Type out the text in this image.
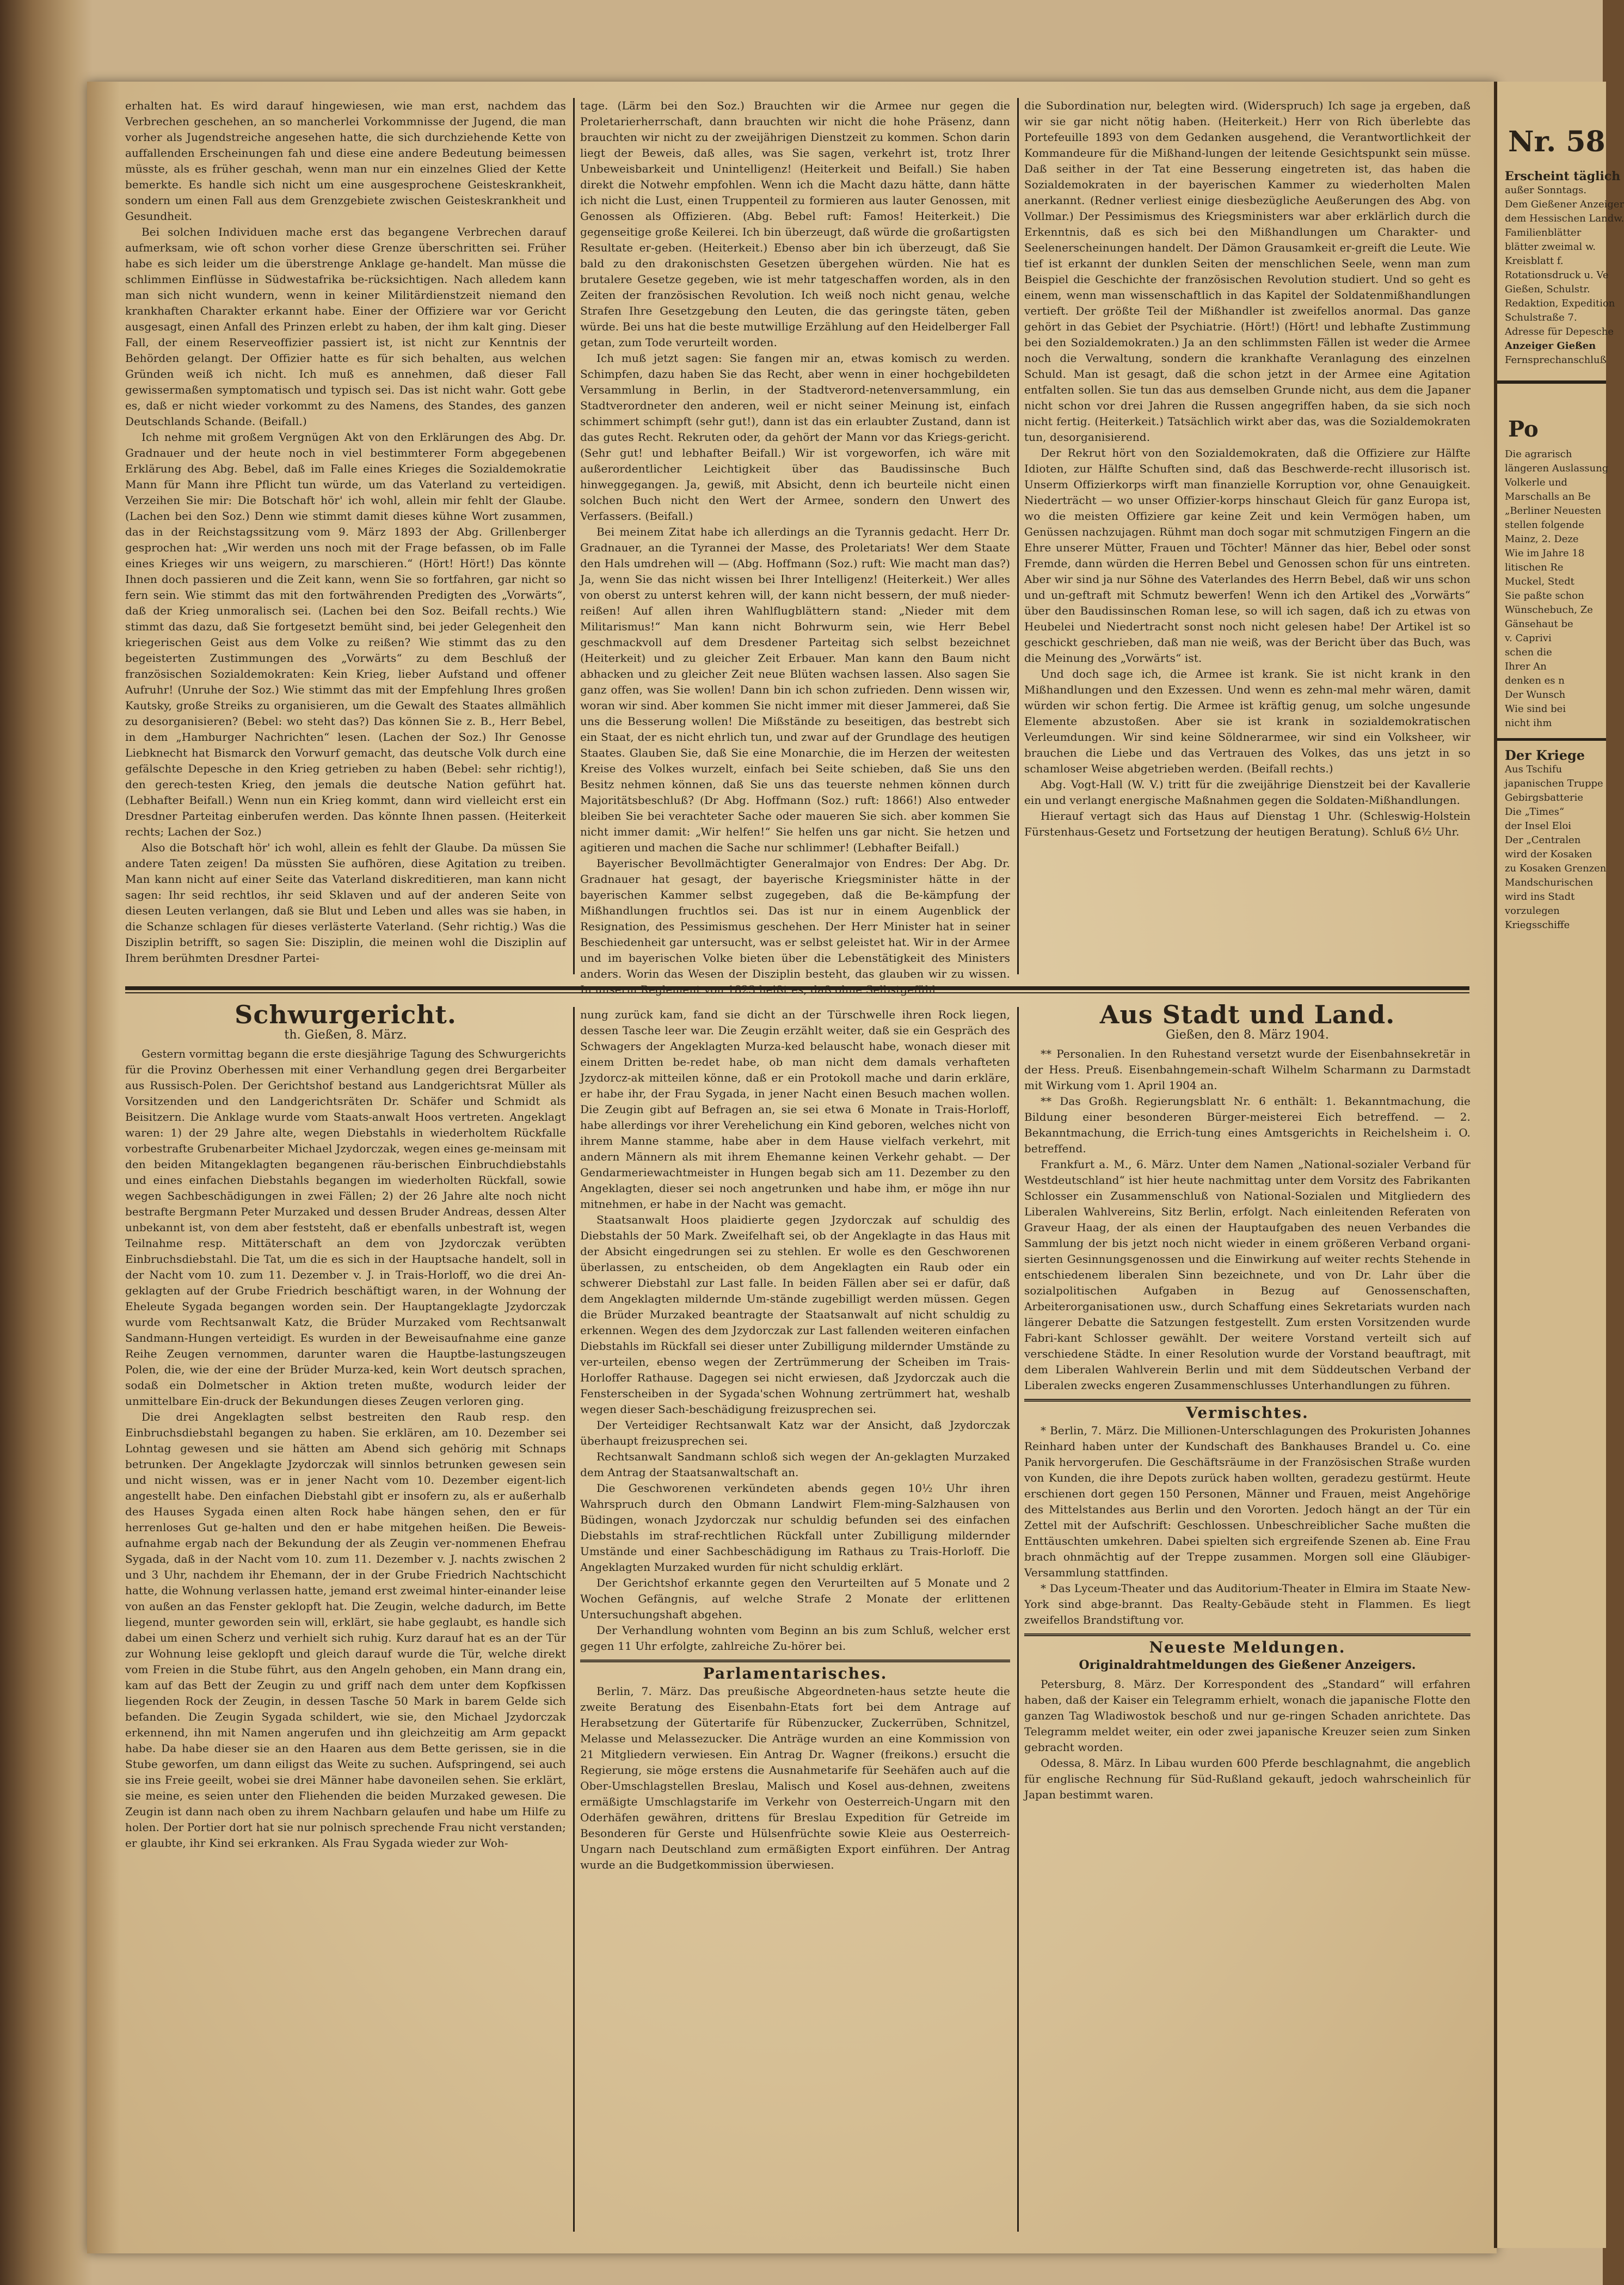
erhalten hat. Es wird darauf hingewiesen, wie man erst, nachdem das Verbrechen geschehen, an so mancherlei Vorkommnisse der Jugend, die man vorher als Jugendstreiche angesehen hatte, die sich durchziehende Kette von auffallenden Erscheinungen fah und diese eine andere Bedeutung beimessen müsste, als es früher geschah, wenn man nur ein einzelnes Glied der Kette bemerkte. Es handle sich nicht um eine ausgesprochene Geisteskrankheit, sondern um einen Fall aus dem Grenzgebiete zwischen Geisteskrankheit und Gesundheit.

Bei solchen Individuen mache erst das begangene Verbrechen darauf aufmerksam, wie oft schon vorher diese Grenze überschritten sei. Früher habe es sich leider um die überstrenge Anklage ge-handelt. Man müsse die schlimmen Einflüsse in Südwestafrika be-rücksichtigen. Nach alledem kann man sich nicht wundern, wenn in keiner Militärdienstzeit niemand den krankhaften Charakter erkannt habe. Einer der Offiziere war vor Gericht ausgesagt, einen Anfall des Prinzen erlebt zu haben, der ihm kalt ging. Dieser Fall, der einem Reserveoffizier passiert ist, ist nicht zur Kenntnis der Behörden gelangt. Der Offizier hatte es für sich behalten, aus welchen Gründen weiß ich nicht. Ich muß es annehmen, daß dieser Fall gewissermaßen symptomatisch und typisch sei. Das ist nicht wahr. Gott gebe es, daß er nicht wieder vorkommt zu des Namens, des Standes, des ganzen Deutschlands Schande. (Beifall.)

Ich nehme mit großem Vergnügen Akt von den Erklärungen des Abg. Dr. Gradnauer und der heute noch in viel bestimmterer Form abgegebenen Erklärung des Abg. Bebel, daß im Falle eines Krieges die Sozialdemokratie Mann für Mann ihre Pflicht tun würde, um das Vaterland zu verteidigen. Verzeihen Sie mir: Die Botschaft hör' ich wohl, allein mir fehlt der Glaube. (Lachen bei den Soz.) Denn wie stimmt damit dieses kühne Wort zusammen, das in der Reichstagssitzung vom 9. März 1893 der Abg. Grillenberger gesprochen hat: „Wir werden uns noch mit der Frage befassen, ob im Falle eines Krieges wir uns weigern, zu marschieren.“ (Hört! Hört!) Das könnte Ihnen doch passieren und die Zeit kann, wenn Sie so fortfahren, gar nicht so fern sein. Wie stimmt das mit den fortwährenden Predigten des „Vorwärts“, daß der Krieg unmoralisch sei. (Lachen bei den Soz. Beifall rechts.) Wie stimmt das dazu, daß Sie fortgesetzt bemüht sind, bei jeder Gelegenheit den kriegerischen Geist aus dem Volke zu reißen? Wie stimmt das zu den begeisterten Zustimmungen des „Vorwärts“ zu dem Beschluß der französischen Sozialdemokraten: Kein Krieg, lieber Aufstand und offener Aufruhr! (Unruhe der Soz.) Wie stimmt das mit der Empfehlung Ihres großen Kautsky, große Streiks zu organisieren, um die Gewalt des Staates allmählich zu desorganisieren? (Bebel: wo steht das?) Das können Sie z. B., Herr Bebel, in dem „Hamburger Nachrichten“ lesen. (Lachen der Soz.) Ihr Genosse Liebknecht hat Bismarck den Vorwurf gemacht, das deutsche Volk durch eine gefälschte Depesche in den Krieg getrieben zu haben (Bebel: sehr richtig!), den gerech-testen Krieg, den jemals die deutsche Nation geführt hat. (Lebhafter Beifall.) Wenn nun ein Krieg kommt, dann wird vielleicht erst ein Dresdner Parteitag einberufen werden. Das könnte Ihnen passen. (Heiterkeit rechts; Lachen der Soz.)

Also die Botschaft hör' ich wohl, allein es fehlt der Glaube. Da müssen Sie andere Taten zeigen! Da müssten Sie aufhören, diese Agitation zu treiben. Man kann nicht auf einer Seite das Vaterland diskreditieren, man kann nicht sagen: Ihr seid rechtlos, ihr seid Sklaven und auf der anderen Seite von diesen Leuten verlangen, daß sie Blut und Leben und alles was sie haben, in die Schanze schlagen für dieses verlästerte Vaterland. (Sehr richtig.) Was die Disziplin betrifft, so sagen Sie: Disziplin, die meinen wohl die Disziplin auf Ihrem berühmten Dresdner Partei-

tage. (Lärm bei den Soz.) Brauchten wir die Armee nur gegen die Proletarierherrschaft, dann brauchten wir nicht die hohe Präsenz, dann brauchten wir nicht zu der zweijährigen Dienstzeit zu kommen. Schon darin liegt der Beweis, daß alles, was Sie sagen, verkehrt ist, trotz Ihrer Unbeweisbarkeit und Unintelligenz! (Heiterkeit und Beifall.) Sie haben direkt die Notwehr empfohlen. Wenn ich die Macht dazu hätte, dann hätte ich nicht die Lust, einen Truppenteil zu formieren aus lauter Genossen, mit Genossen als Offizieren. (Abg. Bebel ruft: Famos! Heiterkeit.) Die gegenseitige große Keilerei. Ich bin überzeugt, daß würde die großartigsten Resultate er-geben. (Heiterkeit.) Ebenso aber bin ich überzeugt, daß Sie bald zu den drakonischsten Gesetzen übergehen würden. Nie hat es brutalere Gesetze gegeben, wie ist mehr tatgeschaffen worden, als in den Zeiten der französischen Revolution. Ich weiß noch nicht genau, welche Strafen Ihre Gesetzgebung den Leuten, die das geringste täten, geben würde. Bei uns hat die beste mutwillige Erzählung auf den Heidelberger Fall getan, zum Tode verurteilt worden.

Ich muß jetzt sagen: Sie fangen mir an, etwas komisch zu werden. Schimpfen, dazu haben Sie das Recht, aber wenn in einer hochgebildeten Versammlung in Berlin, in der Stadtverord-netenversammlung, ein Stadtverordneter den anderen, weil er nicht seiner Meinung ist, einfach schimmert schimpft (sehr gut!), dann ist das ein erlaubter Zustand, dann ist das gutes Recht. Rekruten oder, da gehört der Mann vor das Kriegs-gericht. (Sehr gut! und lebhafter Beifall.) Wir ist vorgeworfen, ich wäre mit außerordentlicher Leichtigkeit über das Baudissinsche Buch hinweggegangen. Ja, gewiß, mit Absicht, denn ich beurteile nicht einen solchen Buch nicht den Wert der Armee, sondern den Unwert des Verfassers. (Beifall.)

Bei meinem Zitat habe ich allerdings an die Tyrannis gedacht. Herr Dr. Gradnauer, an die Tyrannei der Masse, des Proletariats! Wer dem Staate den Hals umdrehen will — (Abg. Hoffmann (Soz.) ruft: Wie macht man das?) Ja, wenn Sie das nicht wissen bei Ihrer Intelligenz! (Heiterkeit.) Wer alles von oberst zu unterst kehren will, der kann nicht bessern, der muß nieder-reißen! Auf allen ihren Wahlflugblättern stand: „Nieder mit dem Militarismus!“ Man kann nicht Bohrwurm sein, wie Herr Bebel geschmackvoll auf dem Dresdener Parteitag sich selbst bezeichnet (Heiterkeit) und zu gleicher Zeit Erbauer. Man kann den Baum nicht abhacken und zu gleicher Zeit neue Blüten wachsen lassen. Also sagen Sie ganz offen, was Sie wollen! Dann bin ich schon zufrieden. Denn wissen wir, woran wir sind. Aber kommen Sie nicht immer mit dieser Jammerei, daß Sie uns die Besserung wollen! Die Mißstände zu beseitigen, das bestrebt sich ein Staat, der es nicht ehrlich tun, und zwar auf der Grundlage des heutigen Staates. Glauben Sie, daß Sie eine Monarchie, die im Herzen der weitesten Kreise des Volkes wurzelt, einfach bei Seite schieben, daß Sie uns den Besitz nehmen können, daß Sie uns das teuerste nehmen können durch Majoritätsbeschluß? (Dr Abg. Hoffmann (Soz.) ruft: 1866!) Also entweder bleiben Sie bei verachteter Sache oder maueren Sie sich. aber kommen Sie nicht immer damit: „Wir helfen!“ Sie helfen uns gar nicht. Sie hetzen und agitieren und machen die Sache nur schlimmer! (Lebhafter Beifall.)

Bayerischer Bevollmächtigter Generalmajor von Endres: Der Abg. Dr. Gradnauer hat gesagt, der bayerische Kriegsminister hätte in der bayerischen Kammer selbst zugegeben, daß die Be-kämpfung der Mißhandlungen fruchtlos sei. Das ist nur in einem Augenblick der Resignation, des Pessimismus geschehen. Der Herr Minister hat in seiner Beschiedenheit gar untersucht, was er selbst geleistet hat. Wir in der Armee und im bayerischen Volke bieten über die Lebenstätigkeit des Ministers anders. Worin das Wesen der Disziplin besteht, das glauben wir zu wissen.

die Subordination nur, belegten wird. (Widerspruch) Ich sage ja ergeben, daß wir sie gar nicht nötig haben. (Heiterkeit.) Herr von Rich überlebte das Portefeuille 1893 von dem Gedanken ausgehend, die Verantwortlichkeit der Kommandeure für die Mißhand-lungen der leitende Gesichtspunkt sein müsse. Daß seither in der Tat eine Besserung eingetreten ist, das haben die Sozialdemokraten in der bayerischen Kammer zu wiederholten Malen anerkannt. (Redner verliest einige diesbezügliche Aeußerungen des Abg. von Vollmar.) Der Pessimismus des Kriegsministers war aber erklärlich durch die Erkenntnis, daß es sich bei den Mißhandlungen um Charakter- und Seelenerscheinungen handelt. Der Dämon Grausamkeit er-greift die Leute. Wie tief ist erkannt der dunklen Seiten der menschlichen Seele, wenn man zum Beispiel die Geschichte der französischen Revolution studiert. Und so geht es einem, wenn man wissenschaftlich in das Kapitel der Soldatenmißhandlungen vertieft. Der größte Teil der Mißhandler ist zweifellos anormal. Das ganze gehört in das Gebiet der Psychiatrie. (Hört!) (Hört! und lebhafte Zustimmung bei den Sozialdemokraten.) Ja an den schlimmsten Fällen ist weder die Armee noch die Verwaltung, sondern die krankhafte Veranlagung des einzelnen Schuld. Man ist gesagt, daß die schon jetzt in der Armee eine Agitation entfalten sollen. Sie tun das aus demselben Grunde nicht, aus dem die Japaner nicht schon vor drei Jahren die Russen angegriffen haben, da sie sich noch nicht fertig. (Heiterkeit.) Tatsächlich wirkt aber das, was die Sozialdemokraten tun, desorganisierend.

Der Rekrut hört von den Sozialdemokraten, daß die Offiziere zur Hälfte Idioten, zur Hälfte Schuften sind, daß das Beschwerde-recht illusorisch ist. Unserm Offizierkorps wirft man finanzielle Korruption vor, ohne Genauigkeit. Niederträcht — wo unser Offizier-korps hinschaut Gleich für ganz Europa ist, wo die meisten Offiziere gar keine Zeit und kein Vermögen haben, um Genüssen nachzujagen. Rühmt man doch sogar mit schmutzigen Fingern an die Ehre unserer Mütter, Frauen und Töchter! Männer das hier, Bebel oder sonst Fremde, dann würden die Herren Bebel und Genossen schon für uns eintreten. Aber wir sind ja nur Söhne des Vaterlandes des Herrn Bebel, daß wir uns schon und un-geftraft mit Schmutz bewerfen! Wenn ich den Artikel des „Vorwärts“ über den Baudissinschen Roman lese, so will ich sagen, daß ich zu etwas von Heubelei und Niedertracht sonst noch nicht gelesen habe! Der Artikel ist so geschickt geschrieben, daß man nie weiß, was der Bericht über das Buch, was die Meinung des „Vorwärts“ ist.

Und doch sage ich, die Armee ist krank. Sie ist nicht krank in den Mißhandlungen und den Exzessen. Und wenn es zehn-mal mehr wären, damit würden wir schon fertig. Die Armee ist kräftig genug, um solche ungesunde Elemente abzustoßen. Aber sie ist krank in sozialdemokratischen Verleumdungen. Wir sind keine Söldnerarmee, wir sind ein Volksheer, wir brauchen die Liebe und das Vertrauen des Volkes, das uns jetzt in so schamloser Weise abgetrieben werden. (Beifall rechts.)

Abg. Vogt-Hall (W. V.) tritt für die zweijährige Dienstzeit bei der Kavallerie ein und verlangt energische Maßnahmen gegen die Soldaten-Mißhandlungen.

Hierauf vertagt sich das Haus auf Dienstag 1 Uhr. (Schleswig-Holstein Fürstenhaus-Gesetz und Fortsetzung der heutigen Beratung). Schluß 6½ Uhr.

Schwurgericht.
th. Gießen, 8. März.

Gestern vormittag begann die erste diesjährige Tagung des Schwurgerichts für die Provinz Oberhessen mit einer Verhandlung gegen drei Bergarbeiter aus Russisch-Polen. Der Gerichtshof bestand aus Landgerichtsrat Müller als Vorsitzenden und den Landgerichtsräten Dr. Schäfer und Schmidt als Beisitzern. Die Anklage wurde vom Staats-anwalt Hoos vertreten. Angeklagt waren: 1) der 29 Jahre alte, wegen Diebstahls in wiederholtem Rückfalle vorbestrafte Grubenarbeiter Michael Jzydorczak, wegen eines ge-meinsam mit den beiden Mitangeklagten begangenen räu-berischen Einbruchdiebstahls und eines einfachen Diebstahls begangen im wiederholten Rückfall, sowie wegen Sachbeschädigungen in zwei Fällen; 2) der 26 Jahre alte noch nicht bestrafte Bergmann Peter Murzaked und dessen Bruder Andreas, dessen Alter unbekannt ist, von dem aber feststeht, daß er ebenfalls unbestraft ist, wegen Teilnahme resp. Mittäterschaft an dem von Jzydorczak verübten Einbruchsdiebstahl. Die Tat, um die es sich in der Hauptsache handelt, soll in der Nacht vom 10. zum 11. Dezember v. J. in Trais-Horloff, wo die drei An-geklagten auf der Grube Friedrich beschäftigt waren, in der Wohnung der Eheleute Sygada begangen worden sein. Der Hauptangeklagte Jzydorczak wurde vom Rechtsanwalt Katz, die Brüder Murzaked vom Rechtsanwalt Sandmann-Hungen verteidigt. Es wurden in der Beweisaufnahme eine ganze Reihe Zeugen vernommen, darunter waren die Hauptbe-lastungszeugen Polen, die, wie der eine der Brüder Murza-ked, kein Wort deutsch sprachen, sodaß ein Dolmetscher in Aktion treten mußte, wodurch leider der unmittelbare Ein-druck der Bekundungen dieses Zeugen verloren ging.

Die drei Angeklagten selbst bestreiten den Raub resp. den Einbruchsdiebstahl begangen zu haben. Sie erklären, am 10. Dezember sei Lohntag gewesen und sie hätten am Abend sich gehörig mit Schnaps betrunken. Der Angeklagte Jzydorczak will sinnlos betrunken gewesen sein und nicht wissen, was er in jener Nacht vom 10. Dezember eigent-lich angestellt habe. Den einfachen Diebstahl gibt er insofern zu, als er außerhalb des Hauses Sygada einen alten Rock habe hängen sehen, den er für herrenloses Gut ge-halten und den er habe mitgehen heißen. Die Beweis-aufnahme ergab nach der Bekundung der als Zeugin ver-nommenen Ehefrau Sygada, daß in der Nacht vom 10. zum 11. Dezember v. J. nachts zwischen 2 und 3 Uhr, nachdem ihr Ehemann, der in der Grube Friedrich Nachtschicht hatte, die Wohnung verlassen hatte, jemand erst zweimal hinter-einander leise von außen an das Fenster geklopft hat. Die Zeugin, welche dadurch, im Bette liegend, munter geworden sein will, erklärt, sie habe geglaubt, es handle sich dabei um einen Scherz und verhielt sich ruhig. Kurz darauf hat es an der Tür zur Wohnung leise geklopft und gleich darauf wurde die Tür, welche direkt vom Freien in die Stube führt, aus den Angeln gehoben, ein Mann drang ein, kam auf das Bett der Zeugin zu und griff nach dem unter dem Kopfkissen liegenden Rock der Zeugin, in dessen Tasche 50 Mark in barem Gelde sich befanden. Die Zeugin Sygada schildert, wie sie, den Michael Jzydorczak erkennend, ihn mit Namen angerufen und ihn gleichzeitig am Arm gepackt habe. Da habe dieser sie an den Haaren aus dem Bette gerissen, sie in die Stube geworfen, um dann eiligst das Weite zu suchen. Aufspringend, sei auch sie ins Freie geeilt, wobei sie drei Männer habe davoneilen sehen. Sie erklärt, sie meine, es seien unter den Fliehenden die beiden Murzaked gewesen. Die Zeugin ist dann nach oben zu ihrem Nachbarn gelaufen und habe um Hilfe zu holen. Der Portier dort hat sie nur polnisch sprechende Frau nicht verstanden; er glaubte, ihr Kind sei erkranken. Als Frau Sygada wieder zur Woh-

nung zurück kam, fand sie dicht an der Türschwelle ihren Rock liegen, dessen Tasche leer war. Die Zeugin erzählt weiter, daß sie ein Gespräch des Schwagers der Angeklagten Murza-ked belauscht habe, wonach dieser mit einem Dritten be-redet habe, ob man nicht dem damals verhafteten Jzydorcz-ak mitteilen könne, daß er ein Protokoll mache und darin erkläre, er habe ihr, der Frau Sygada, in jener Nacht einen Besuch machen wollen. Die Zeugin gibt auf Befragen an, sie sei etwa 6 Monate in Trais-Horloff, habe allerdings vor ihrer Verehelichung ein Kind geboren, welches nicht von ihrem Manne stamme, habe aber in dem Hause vielfach verkehrt, mit andern Männern als mit ihrem Ehemanne keinen Verkehr gehabt. — Der Gendarmeriewachtmeister in Hungen begab sich am 11. Dezember zu den Angeklagten, dieser sei noch angetrunken und habe ihm, er möge ihn nur mitnehmen, er habe in der Nacht was gemacht.

Staatsanwalt Hoos plaidierte gegen Jzydorczak auf schuldig des Diebstahls der 50 Mark. Zweifelhaft sei, ob der Angeklagte in das Haus mit der Absicht eingedrungen sei zu stehlen. Er wolle es den Geschworenen überlassen, zu entscheiden, ob dem Angeklagten ein Raub oder ein schwerer Diebstahl zur Last falle. In beiden Fällen aber sei er dafür, daß dem Angeklagten mildernde Um-stände zugebilligt werden müssen. Gegen die Brüder Murzaked beantragte der Staatsanwalt auf nicht schuldig zu erkennen. Wegen des dem Jzydorczak zur Last fallenden weiteren einfachen Diebstahls im Rückfall sei dieser unter Zubilligung mildernder Umstände zu ver-urteilen, ebenso wegen der Zertrümmerung der Scheiben im Trais-Horloffer Rathause. Dagegen sei nicht erwiesen, daß Jzydorczak auch die Fensterscheiben in der Sygada'schen Wohnung zertrümmert hat, weshalb wegen dieser Sach-beschädigung freizusprechen sei.

Der Verteidiger Rechtsanwalt Katz war der Ansicht, daß Jzydorczak überhaupt freizusprechen sei.

Rechtsanwalt Sandmann schloß sich wegen der An-geklagten Murzaked dem Antrag der Staatsanwaltschaft an.

Die Geschworenen verkündeten abends gegen 10½ Uhr ihren Wahrspruch durch den Obmann Landwirt Flem-ming-Salzhausen von Büdingen, wonach Jzydorczak nur schuldig befunden sei des einfachen Diebstahls im straf-rechtlichen Rückfall unter Zubilligung mildernder Umstände und einer Sachbeschädigung im Rathaus zu Trais-Horloff. Die Angeklagten Murzaked wurden für nicht schuldig erklärt.

Der Gerichtshof erkannte gegen den Verurteilten auf 5 Monate und 2 Wochen Gefängnis, auf welche Strafe 2 Monate der erlittenen Untersuchungshaft abgehen.

Der Verhandlung wohnten vom Beginn an bis zum Schluß, welcher erst gegen 11 Uhr erfolgte, zahlreiche Zu-hörer bei.

Parlamentarisches.

Berlin, 7. März. Das preußische Abgeordneten-haus setzte heute die zweite Beratung des Eisenbahn-Etats fort bei dem Antrage auf Herabsetzung der Gütertarife für Rübenzucker, Zuckerrüben, Schnitzel, Melasse und Melassezucker. Die Anträge wurden an eine Kommission von 21 Mitgliedern verwiesen. Ein Antrag Dr. Wagner (freikons.) ersucht die Regierung, sie möge erstens die Ausnahmetarife für Seehäfen auch auf die Ober-Umschlagstellen Breslau, Malisch und Kosel aus-dehnen, zweitens ermäßigte Umschlagstarife im Verkehr von Oesterreich-Ungarn mit den Oderhäfen gewähren, drittens für Breslau Expedition für Getreide im Besonderen für Gerste und Hülsenfrüchte sowie Kleie aus Oesterreich-Ungarn nach Deutschland zum ermäßigten Export einführen. Der Antrag wurde an die Budgetkommission überwiesen.

Aus Stadt und Land.
Gießen, den 8. März 1904.

** Personalien. In den Ruhestand versetzt wurde der Eisenbahnsekretär in der Hess. Preuß. Eisenbahngemein-schaft Wilhelm Scharmann zu Darmstadt mit Wirkung vom 1. April 1904 an.

** Das Großh. Regierungsblatt Nr. 6 enthält: 1. Bekanntmachung, die Bildung einer besonderen Bürger-meisterei Eich betreffend. — 2. Bekanntmachung, die Errich-tung eines Amtsgerichts in Reichelsheim i. O. betreffend.

Frankfurt a. M., 6. März. Unter dem Namen „National-sozialer Verband für Westdeutschland“ ist hier heute nachmittag unter dem Vorsitz des Fabrikanten Schlosser ein Zusammenschluß von National-Sozialen und Mitgliedern des Liberalen Wahlvereins, Sitz Berlin, erfolgt. Nach einleitenden Referaten von Graveur Haag, der als einen der Hauptaufgaben des neuen Verbandes die Sammlung der bis jetzt noch nicht wieder in einem größeren Verband organi-sierten Gesinnungsgenossen und die Einwirkung auf weiter rechts Stehende in entschiedenem liberalen Sinn bezeichnete, und von Dr. Lahr über die sozialpolitischen Aufgaben in Bezug auf Genossenschaften, Arbeiterorganisationen usw., durch Schaffung eines Sekretariats wurden nach längerer Debatte die Satzungen festgestellt. Zum ersten Vorsitzenden wurde Fabri-kant Schlosser gewählt. Der weitere Vorstand verteilt sich auf verschiedene Städte. In einer Resolution wurde der Vorstand beauftragt, mit dem Liberalen Wahlverein Berlin und mit dem Süddeutschen Verband der Liberalen zwecks engeren Zusammenschlusses Unterhandlungen zu führen.

Vermischtes.

* Berlin, 7. März. Die Millionen-Unterschlagungen des Prokuristen Johannes Reinhard haben unter der Kundschaft des Bankhauses Brandel u. Co. eine Panik hervorgerufen. Die Geschäftsräume in der Französischen Straße wurden von Kunden, die ihre Depots zurück haben wollten, geradezu gestürmt. Heute erschienen dort gegen 150 Personen, Männer und Frauen, meist Angehörige des Mittelstandes aus Berlin und den Vororten. Jedoch hängt an der Tür ein Zettel mit der Aufschrift: Geschlossen. Unbeschreiblicher Sache mußten die Enttäuschten umkehren. Dabei spielten sich ergreifende Szenen ab. Eine Frau brach ohnmächtig auf der Treppe zusammen. Morgen soll eine Gläubiger-Versammlung stattfinden.

* Das Lyceum-Theater und das Auditorium-Theater in Elmira im Staate New-York sind abge-brannt. Das Realty-Gebäude steht in Flammen. Es liegt zweifellos Brandstiftung vor.

Neueste Meldungen.
Originaldrahtmeldungen des Gießener Anzeigers.

Petersburg, 8. März. Der Korrespondent des „Standard“ will erfahren haben, daß der Kaiser ein Telegramm erhielt, wonach die japanische Flotte den ganzen Tag Wladiwostok beschoß und nur ge-ringen Schaden anrichtete. Das Telegramm meldet weiter, ein oder zwei japanische Kreuzer seien zum Sinken gebracht worden.

Odessa, 8. März. In Libau wurden 600 Pferde beschlagnahmt, die angeblich für englische Rechnung für Süd-Rußland gekauft, jedoch wahrscheinlich für Japan bestimmt waren.

Nr. 58
Erscheint täglich
außer Sonntags.
Dem Gießener Anzeiger
dem Hessischen Landw.
Familienblätter
blätter zweimal w.
Kreisblatt f.
Rotationsdruck u. Ve
Gießen, Schulstr.
Redaktion, Expedition
Schulstraße 7.
Adresse für Depesche
Anzeiger Gießen
Fernsprechanschluß
Po
Die agrarisch
längeren Auslassung
Volkerle und
Marschalls an Be
„Berliner Neuesten
stellen folgende
Mainz, 2. Deze
Wie im Jahre 18
litischen Re
Muckel, Stedt
Sie paßte schon
Wünschebuch, Ze
Gänsehaut be
v. Caprivi
schen die
Ihrer An
denken es n
Der Wunsch
Wie sind bei
nicht ihm
Der Kriege
Aus Tschifu
japanischen Truppe
Gebirgsbatterie
Die „Times“
der Insel Eloi
Der „Centralen
wird der Kosaken
zu Kosaken Grenzen
Mandschurischen
wird ins Stadt
vorzulegen
Kriegsschiffe
